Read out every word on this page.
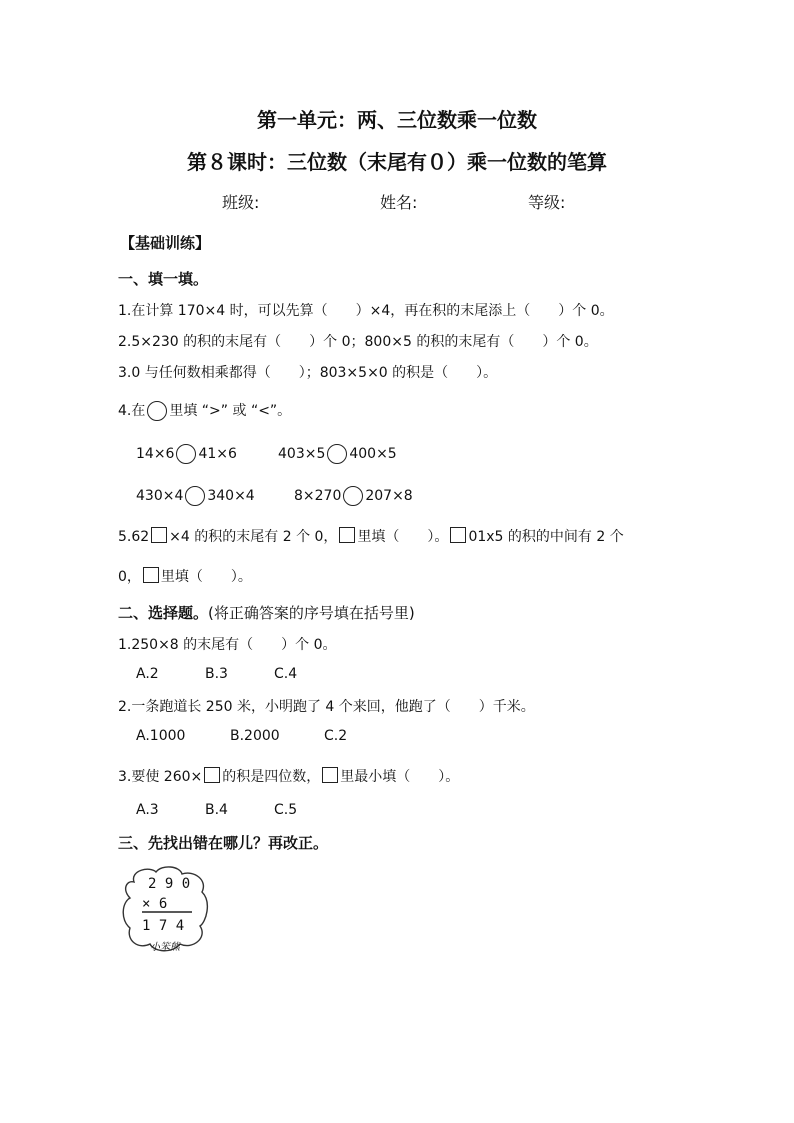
第一单元：两、三位数乘一位数
第８课时：三位数（末尾有０）乘一位数的笔算
班级:	姓名:	等级:
【基础训练】
一、填一填。
1.在计算 170×4 时，可以先算（　　）×4，再在积的末尾添上（　　）个 0。
2.5×230 的积的末尾有（　　）个 0；800×5 的积的末尾有（　　）个 0。
3.0 与任何数相乘都得（　　）；803×5×0 的积是（　　）。
4.在 里填 “>” 或 “<”。
14×6 41×6	403×5 400×5
430×4 340×4	8×270 207×8
5.62 ×4 的积的末尾有 2 个 0， 里填（　　）。 01x5 的积的中间有 2 个
0， 里填（　　）。
二、选择题。(将正确答案的序号填在括号里)
1.250×8 的末尾有（　　）个 0。
A.2	B.3	C.4
2.一条跑道长 250 米，小明跑了 4 个来回，他跑了（　　）千米。
A.1000	B.2000	C.2
3.要使 260× 的积是四位数， 里最小填（　　）。
A.3	B.4	C.5
三、先找出错在哪儿？再改正。
2 9 0
× 6
1 7 4
小笨熊
